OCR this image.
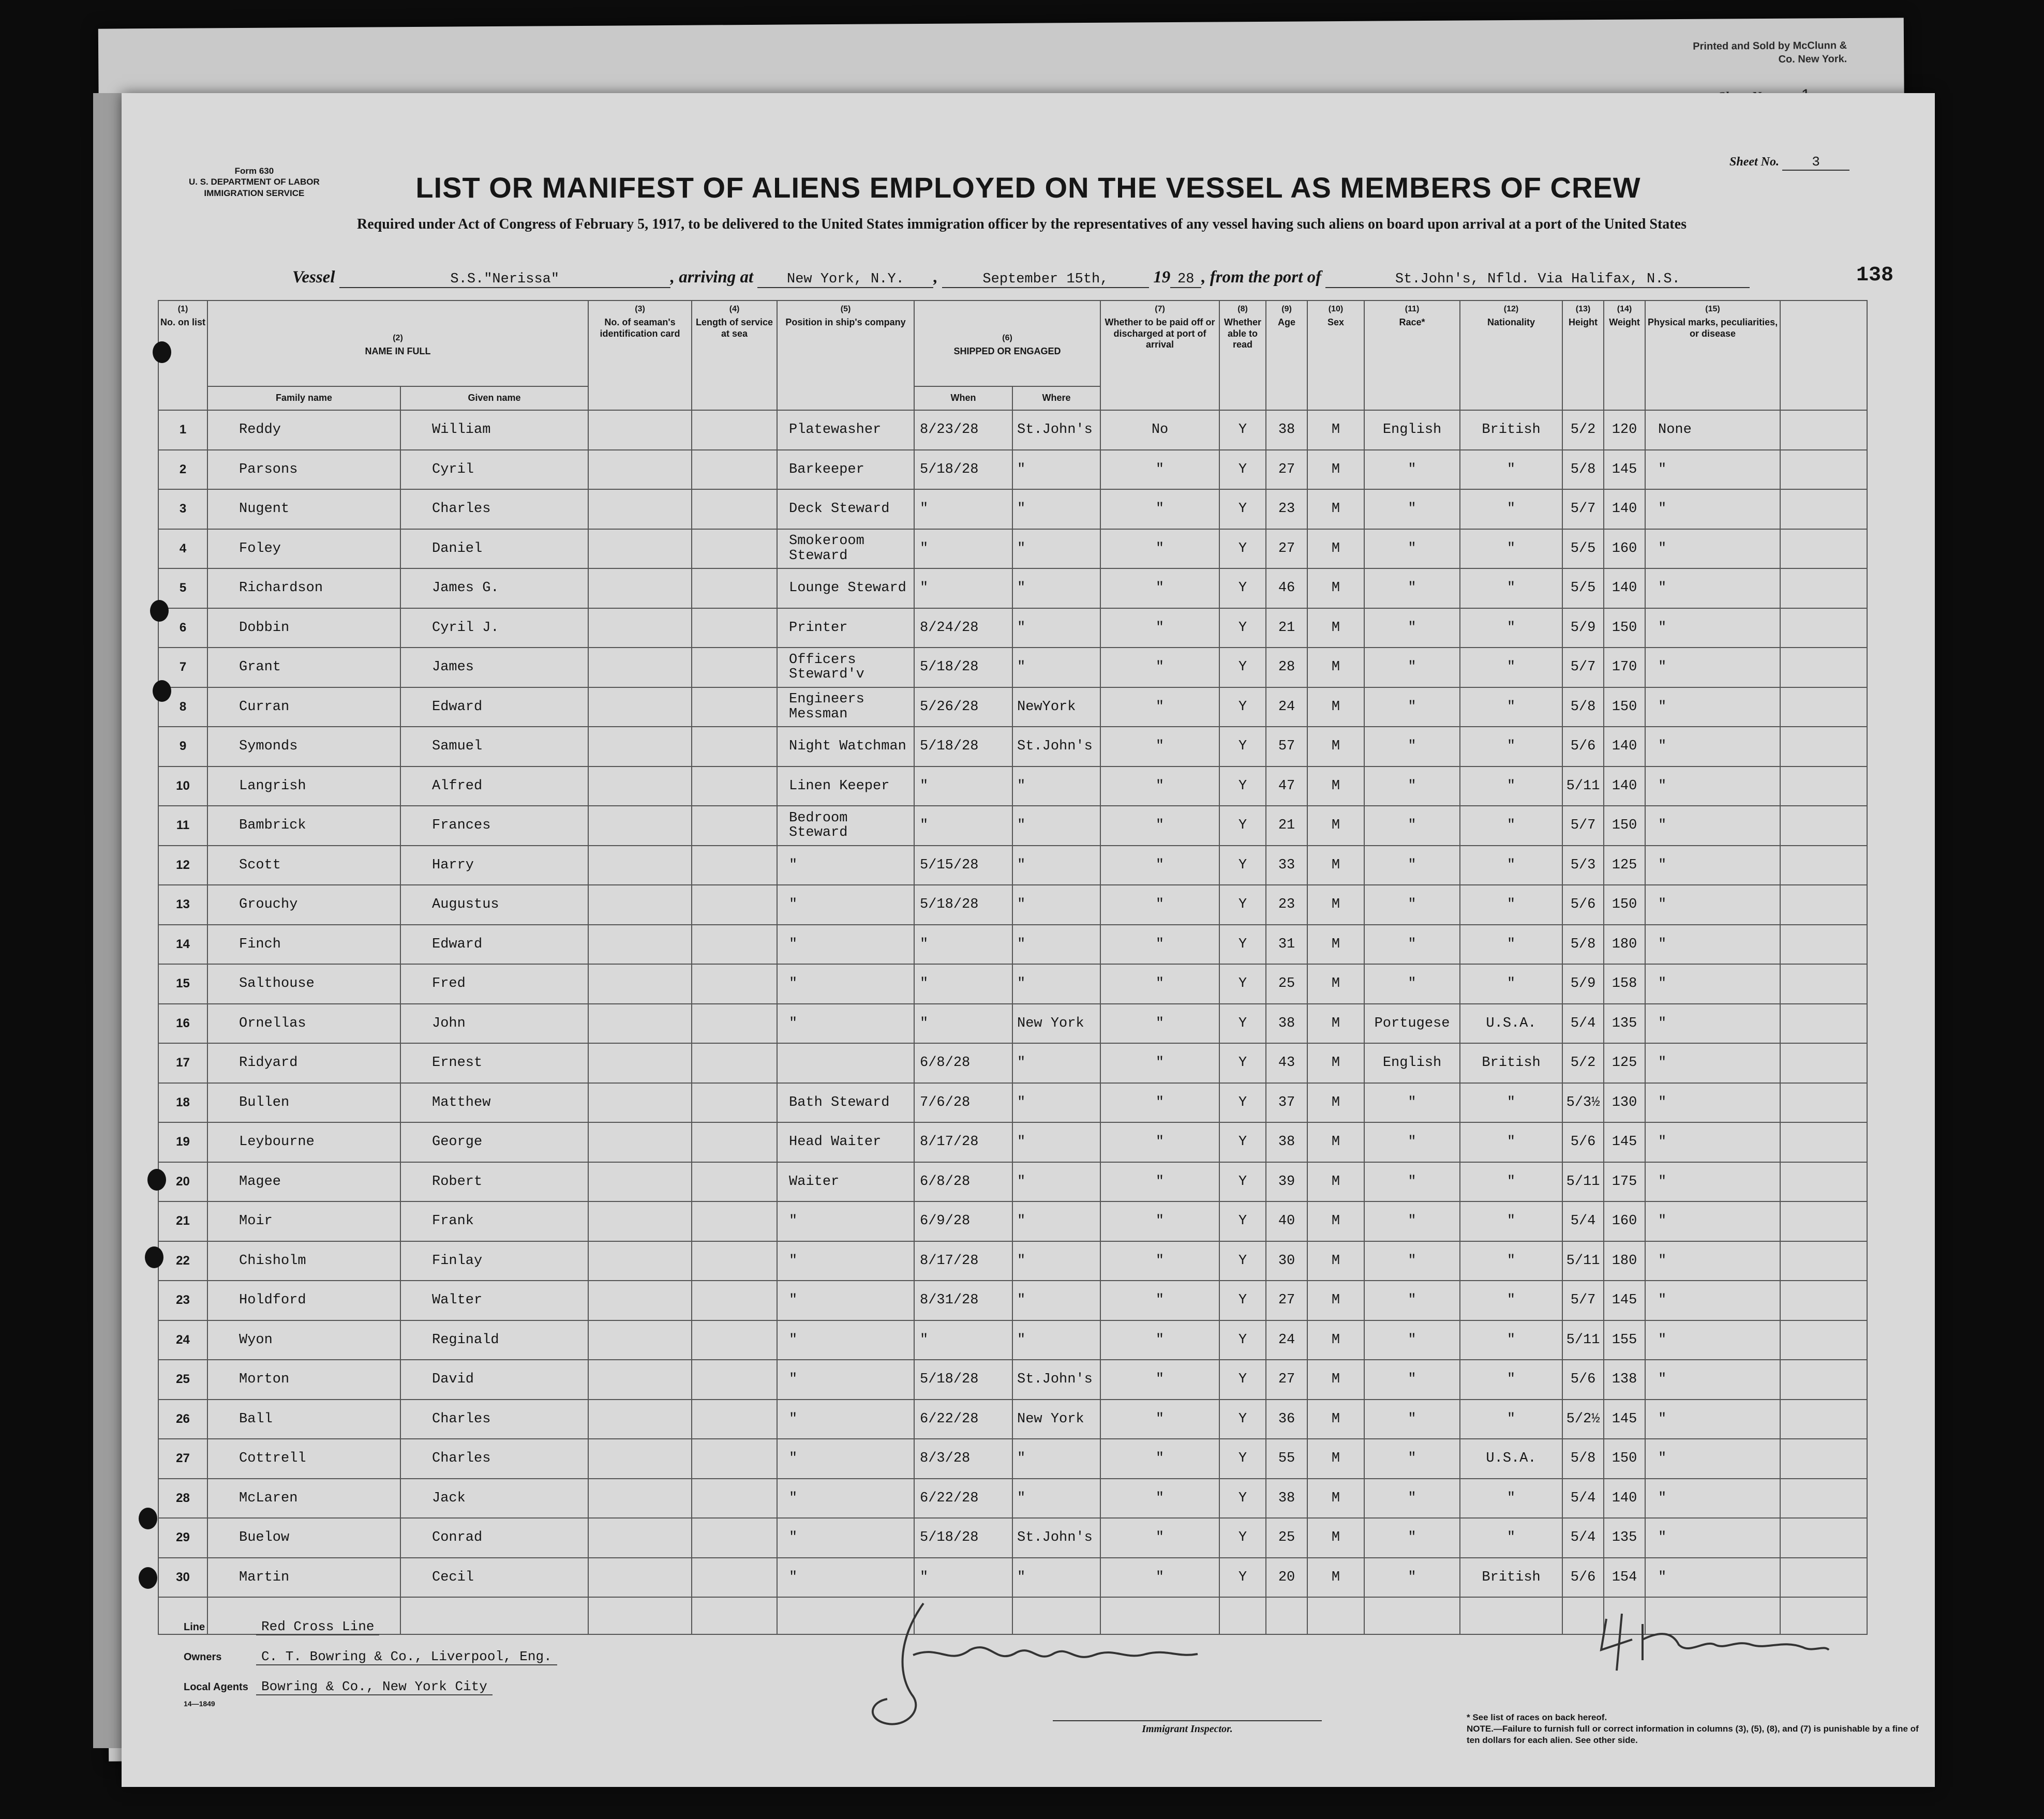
Printed and Sold by McClunn & Co. New York.
Form 630
U. S. DEPARTMENT OF LABOR
IMMIGRATION SERVICE
Sheet No. 3
LIST OR MANIFEST OF ALIENS EMPLOYED ON THE VESSEL AS MEMBERS OF CREW
Required under Act of Congress of February 5, 1917, to be delivered to the United States immigration officer by the representatives of any vessel having such aliens on board upon arrival at a port of the United States
Vessel	S.S."Nerissa"	, arriving at New York, N.Y. ,	September 15th,	19 28 , from the port of	St.John's, Nfld. Via Halifax, N.S.	138
(1)
No. on list	(2)
NAME IN FULL		(3)
No. of seaman's identification card	(4)
Length of service at sea	(5)
Position in ship's company	(6)
SHIPPED OR ENGAGED		(7)
Whether to be paid off or discharged at port of arrival	(8)
Whether able to read	(9)
Age	(10)
Sex	(11)
Race*	(12)
Nationality	(13)
Height	(14)
Weight	(15)
Physical marks, peculiarities, or disease	
	Family name	Given name				When	Where										
1	Reddy	William			Platewasher	8/23/28	St.John's	No	Y	38	M	English	British	5/2	120	None	
2	Parsons	Cyril			Barkeeper	5/18/28	"	"	Y	27	M	"	"	5/8	145	"	
3	Nugent	Charles			Deck Steward	"	"	"	Y	23	M	"	"	5/7	140	"	
4	Foley	Daniel			Smokeroom Steward	"	"	"	Y	27	M	"	"	5/5	160	"	
5	Richardson	James G.			Lounge Steward	"	"	"	Y	46	M	"	"	5/5	140	"	
6	Dobbin	Cyril J.			Printer	8/24/28	"	"	Y	21	M	"	"	5/9	150	"	
7	Grant	James			Officers Steward'v	5/18/28	"	"	Y	28	M	"	"	5/7	170	"	
8	Curran	Edward			Engineers Messman	5/26/28	NewYork	"	Y	24	M	"	"	5/8	150	"	
9	Symonds	Samuel			Night Watchman	5/18/28	St.John's	"	Y	57	M	"	"	5/6	140	"	
10	Langrish	Alfred			Linen Keeper	"	"	"	Y	47	M	"	"	5/11	140	"	
11	Bambrick	Frances			Bedroom Steward	"	"	"	Y	21	M	"	"	5/7	150	"	
12	Scott	Harry			"	5/15/28	"	"	Y	33	M	"	"	5/3	125	"	
13	Grouchy	Augustus			"	5/18/28	"	"	Y	23	M	"	"	5/6	150	"	
14	Finch	Edward			"	"	"	"	Y	31	M	"	"	5/8	180	"	
15	Salthouse	Fred			"	"	"	"	Y	25	M	"	"	5/9	158	"	
16	Ornellas	John			"	"	New York	"	Y	38	M	Portugese	U.S.A.	5/4	135	"	
17	Ridyard	Ernest				6/8/28	"	"	Y	43	M	English	British	5/2	125	"	
18	Bullen	Matthew			Bath Steward	7/6/28	"	"	Y	37	M	"	"	5/3½	130	"	
19	Leybourne	George			Head Waiter	8/17/28	"	"	Y	38	M	"	"	5/6	145	"	
20	Magee	Robert			Waiter	6/8/28	"	"	Y	39	M	"	"	5/11	175	"	
21	Moir	Frank			"	6/9/28	"	"	Y	40	M	"	"	5/4	160	"	
22	Chisholm	Finlay			"	8/17/28	"	"	Y	30	M	"	"	5/11	180	"	
23	Holdford	Walter			"	8/31/28	"	"	Y	27	M	"	"	5/7	145	"	
24	Wyon	Reginald			"	"	"	"	Y	24	M	"	"	5/11	155	"	
25	Morton	David			"	5/18/28	St.John's	"	Y	27	M	"	"	5/6	138	"	
26	Ball	Charles			"	6/22/28	New York	"	Y	36	M	"	"	5/2½	145	"	
27	Cottrell	Charles			"	8/3/28	"	"	Y	55	M	"	U.S.A.	5/8	150	"	
28	McLaren	Jack			"	6/22/28	"	"	Y	38	M	"	"	5/4	140	"	
29	Buelow	Conrad			"	5/18/28	St.John's	"	Y	25	M	"	"	5/4	135	"	
30	Martin	Cecil			"	"	"	"	Y	20	M	"	British	5/6	154	"	

Immigrant Inspector.
Line	Red Cross Line
Owners	C. T. Bowring & Co., Liverpool, Eng.
Local Agents Bowring & Co., New York City
14—1849
* See list of races on back hereof.
NOTE.—Failure to furnish full or correct information in columns (3), (5), (8), and (7) is punishable by a fine of ten dollars for each alien. See other side.
